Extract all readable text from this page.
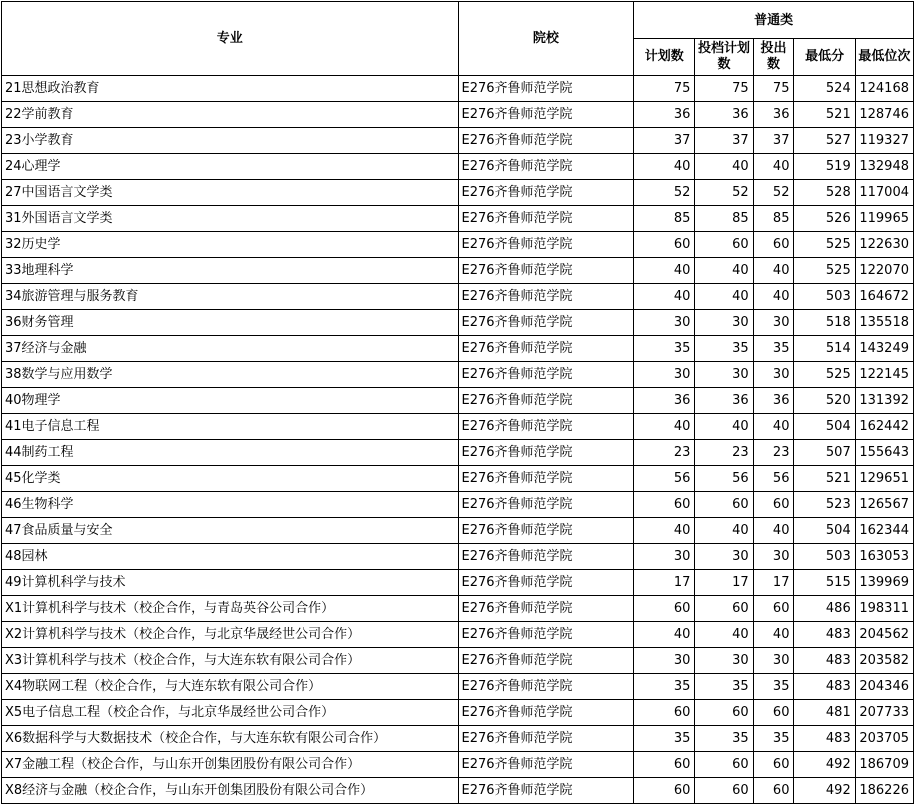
专业	院校	普通类				
		计划数	投档计划数	投出数	最低分	最低位次
21思想政治教育	E276齐鲁师范学院	75	75	75	524	124168
22学前教育	E276齐鲁师范学院	36	36	36	521	128746
23小学教育	E276齐鲁师范学院	37	37	37	527	119327
24心理学	E276齐鲁师范学院	40	40	40	519	132948
27中国语言文学类	E276齐鲁师范学院	52	52	52	528	117004
31外国语言文学类	E276齐鲁师范学院	85	85	85	526	119965
32历史学	E276齐鲁师范学院	60	60	60	525	122630
33地理科学	E276齐鲁师范学院	40	40	40	525	122070
34旅游管理与服务教育	E276齐鲁师范学院	40	40	40	503	164672
36财务管理	E276齐鲁师范学院	30	30	30	518	135518
37经济与金融	E276齐鲁师范学院	35	35	35	514	143249
38数学与应用数学	E276齐鲁师范学院	30	30	30	525	122145
40物理学	E276齐鲁师范学院	36	36	36	520	131392
41电子信息工程	E276齐鲁师范学院	40	40	40	504	162442
44制药工程	E276齐鲁师范学院	23	23	23	507	155643
45化学类	E276齐鲁师范学院	56	56	56	521	129651
46生物科学	E276齐鲁师范学院	60	60	60	523	126567
47食品质量与安全	E276齐鲁师范学院	40	40	40	504	162344
48园林	E276齐鲁师范学院	30	30	30	503	163053
49计算机科学与技术	E276齐鲁师范学院	17	17	17	515	139969
X1计算机科学与技术（校企合作，与青岛英谷公司合作）	E276齐鲁师范学院	60	60	60	486	198311
X2计算机科学与技术（校企合作，与北京华晟经世公司合作）	E276齐鲁师范学院	40	40	40	483	204562
X3计算机科学与技术（校企合作，与大连东软有限公司合作）	E276齐鲁师范学院	30	30	30	483	203582
X4物联网工程（校企合作，与大连东软有限公司合作）	E276齐鲁师范学院	35	35	35	483	204346
X5电子信息工程（校企合作，与北京华晟经世公司合作）	E276齐鲁师范学院	60	60	60	481	207733
X6数据科学与大数据技术（校企合作，与大连东软有限公司合作）	E276齐鲁师范学院	35	35	35	483	203705
X7金融工程（校企合作，与山东开创集团股份有限公司合作）	E276齐鲁师范学院	60	60	60	492	186709
X8经济与金融（校企合作，与山东开创集团股份有限公司合作）	E276齐鲁师范学院	60	60	60	492	186226
